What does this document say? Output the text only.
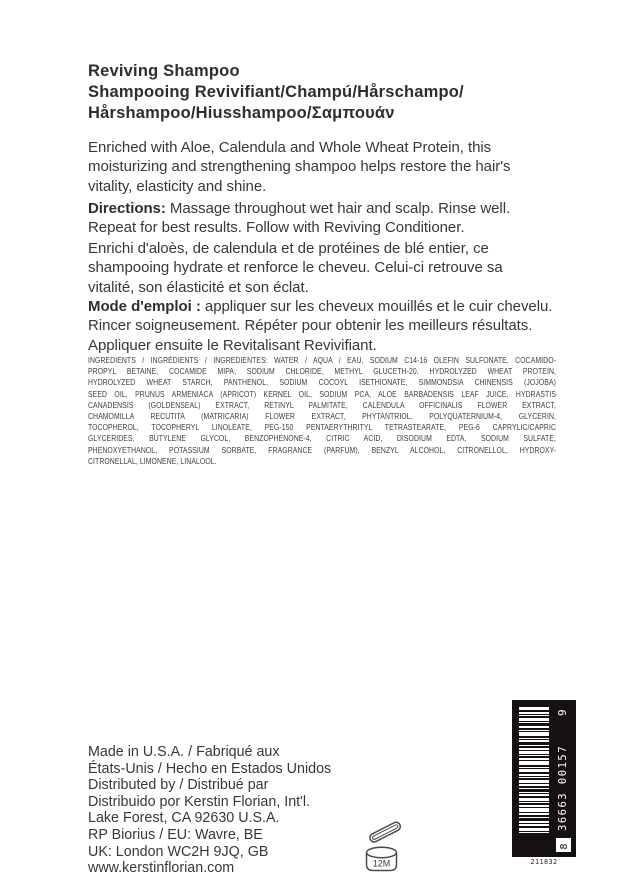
Reviving Shampoo
Shampooing Revivifiant/Champú/Hårschampo/
Hårshampoo/Hiusshampoo/Σαμπουάν
Enriched with Aloe, Calendula and Whole Wheat Protein, this
moisturizing and strengthening shampoo helps restore the hair's
vitality, elasticity and shine.
Directions: Massage throughout wet hair and scalp. Rinse well.
Repeat for best results. Follow with Reviving Conditioner.
Enrichi d'aloès, de calendula et de protéines de blé entier, ce
shampooing hydrate et renforce le cheveu. Celui-ci retrouve sa
vitalité, son élasticité et son éclat.
Mode d'emploi : appliquer sur les cheveux mouillés et le cuir chevelu.
Rincer soigneusement. Répéter pour obtenir les meilleurs résultats.
Appliquer ensuite le Revitalisant Revivifiant.
INGREDIENTS / INGRÉDIENTS / INGREDIENTES: WATER / AQUA / EAU, SODIUM C14-16 OLEFIN SULFONATE, COCAMIDO-
PROPYL BETAINE, COCAMIDE MIPA, SODIUM CHLORIDE, METHYL GLUCETH-20, HYDROLYZED WHEAT PROTEIN,
HYDROLYZED WHEAT STARCH, PANTHENOL, SODIUM COCOYL ISETHIONATE, SIMMONDSIA CHINENSIS (JOJOBA)
SEED OIL, PRUNUS ARMENIACA (APRICOT) KERNEL OIL, SODIUM PCA, ALOE BARBADENSIS LEAF JUICE, HYDRASTIS
CANADENSIS (GOLDENSEAL) EXTRACT, RETINYL PALMITATE, CALENDULA OFFICINALIS FLOWER EXTRACT,
CHAMOMILLA RECUTITA (MATRICARIA) FLOWER EXTRACT, PHYTANTRIOL, POLYQUATERNIUM-4, GLYCERIN,
TOCOPHEROL, TOCOPHERYL LINOLEATE, PEG-150 PENTAERYTHRITYL TETRASTEARATE, PEG-6 CAPRYLIC/CAPRIC
GLYCERIDES, BUTYLENE GLYCOL, BENZOPHENONE-4, CITRIC ACID, DISODIUM EDTA, SODIUM SULFATE,
PHENOXYETHANOL, POTASSIUM SORBATE, FRAGRANCE (PARFUM), BENZYL ALCOHOL, CITRONELLOL, HYDROXY-
CITRONELLAL, LIMONENE, LINALOOL.
Made in U.S.A. / Fabriqué aux
États-Unis / Hecho en Estados Unidos
Distributed by / Distribué par
Distribuido por Kerstin Florian, Int'l.
Lake Forest, CA 92630 U.S.A.
RP Biorius / EU: Wavre, BE
UK: London WC2H 9JQ, GB
www.kerstinflorian.com	12M
9
36663 00157
8
211832
